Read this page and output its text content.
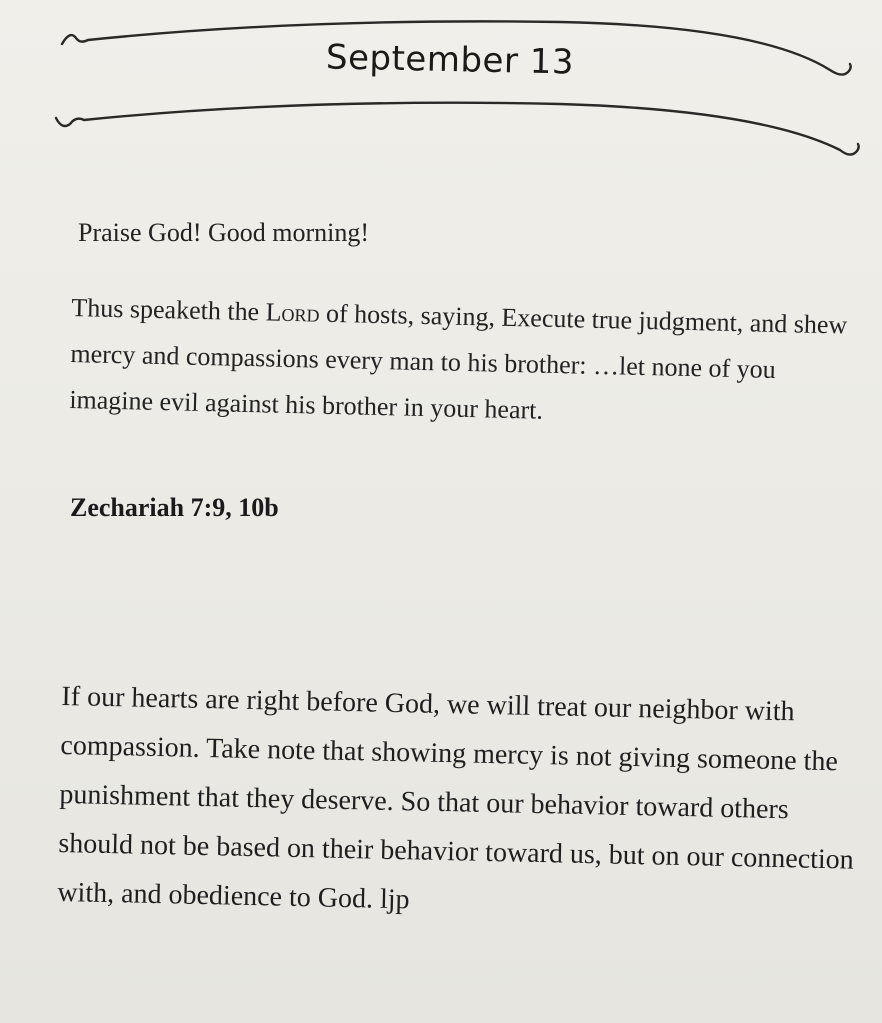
September 13
Praise God! Good morning!
Thus speaketh the Lord of hosts, saying, Execute true judgment, and shew mercy and compassions every man to his brother: …let none of you imagine evil against his brother in your heart.
Zechariah 7:9, 10b
If our hearts are right before God, we will treat our neighbor with compassion. Take note that showing mercy is not giving someone the punishment that they deserve. So that our behavior toward others should not be based on their behavior toward us, but on our connection with, and obedience to God. ljp
